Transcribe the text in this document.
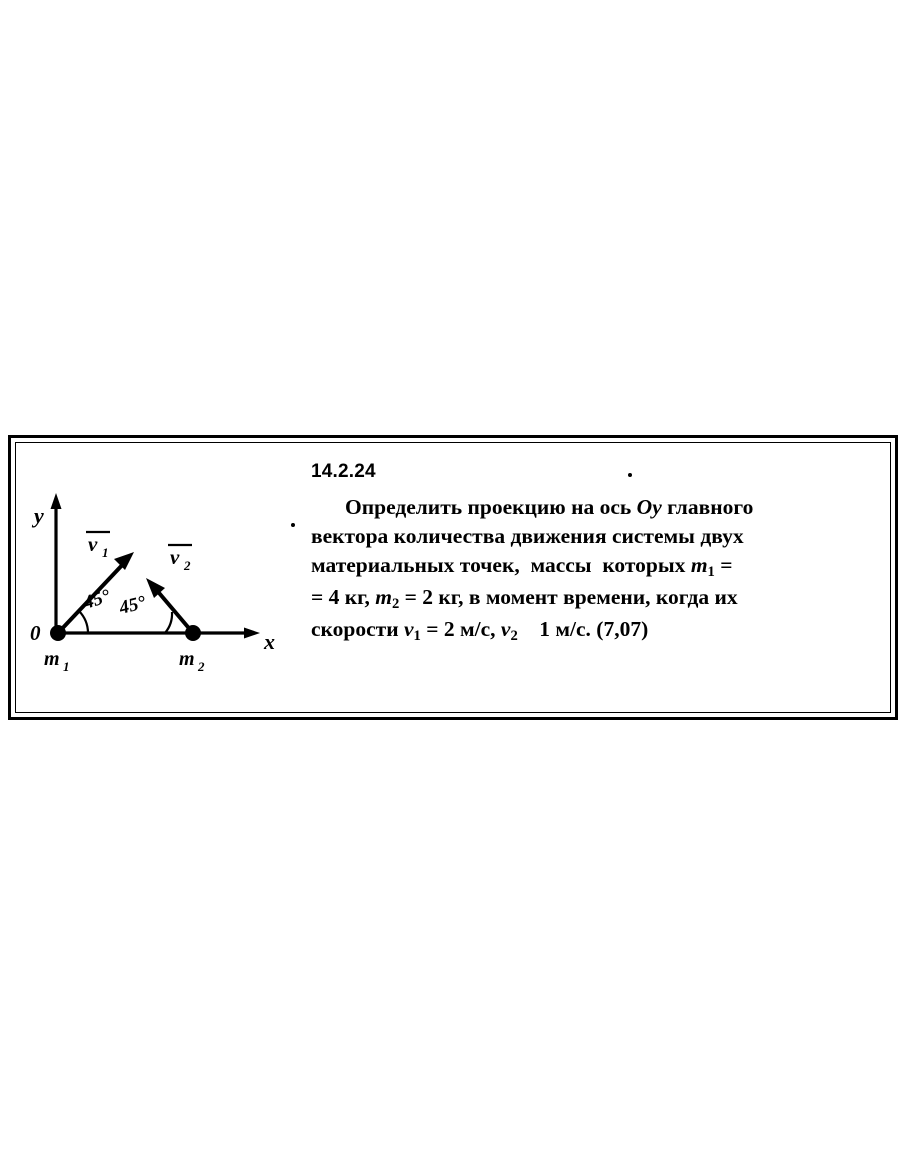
y
x
0
m 1	m 2
v 1	v 2
45° 45°
14.2.24
Определить проекцию на ось Oy главного
вектора количества движения системы двух
материальных точек,  массы  которых $m_1$ =
= 4 кг, $m_2 = 2$ кг, в момент времени, когда их
скорости $v_1 = 2$ м/с, $v_2$    1 м/с. (7,07)
